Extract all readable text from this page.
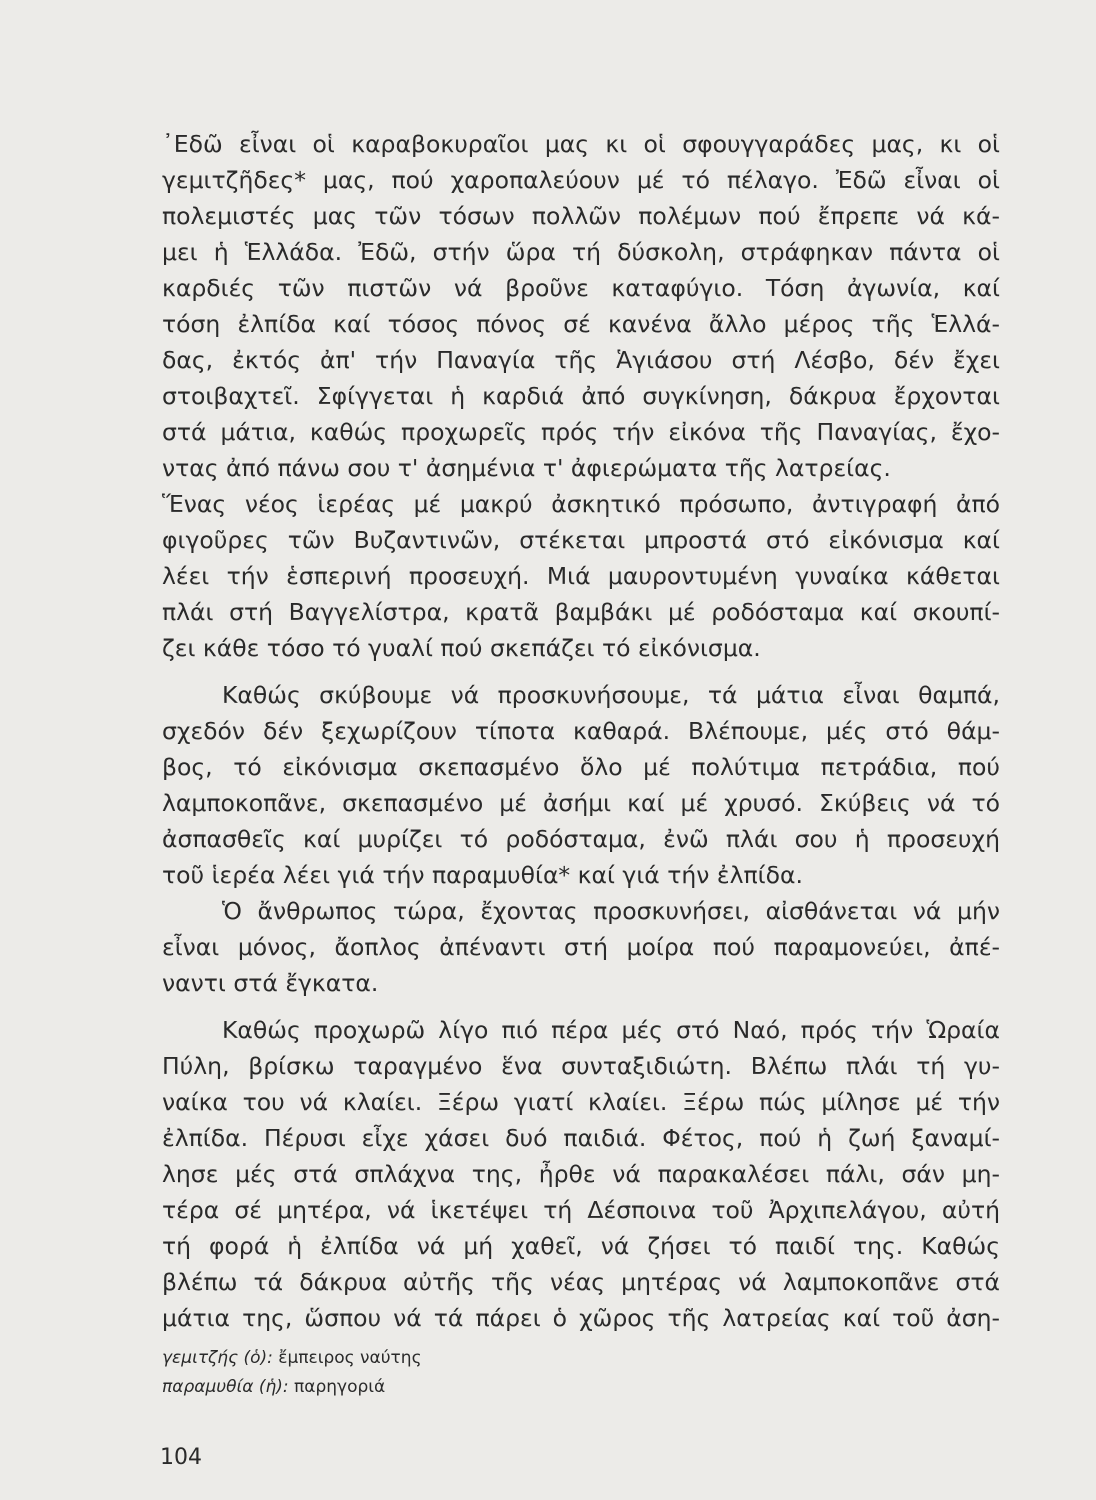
᾿Εδῶ εἶναι οἱ καραβοκυραῖοι μας κι οἱ σφουγγαράδες μας, κι οἱ
γεμιτζῆδες* μας, πού χαροπαλεύουν μέ τό πέλαγο. Ἐδῶ εἶναι οἱ
πολεμιστές μας τῶν τόσων πολλῶν πολέμων πού ἔπρεπε νά κά-
μει ἡ Ἑλλάδα. Ἐδῶ, στήν ὥρα τή δύσκολη, στράφηκαν πάντα οἱ
καρδιές τῶν πιστῶν νά βροῦνε καταφύγιο. Τόση ἀγωνία, καί
τόση ἐλπίδα καί τόσος πόνος σέ κανένα ἄλλο μέρος τῆς Ἑλλά-
δας, ἐκτός ἀπ' τήν Παναγία τῆς Ἁγιάσου στή Λέσβο, δέν ἔχει
στοιβαχτεῖ. Σφίγγεται ἡ καρδιά ἀπό συγκίνηση, δάκρυα ἔρχονται
στά μάτια, καθώς προχωρεῖς πρός τήν εἰκόνα τῆς Παναγίας, ἔχο-
ντας ἀπό πάνω σου τ' ἀσημένια τ' ἀφιερώματα τῆς λατρείας.
Ἕνας νέος ἱερέας μέ μακρύ ἀσκητικό πρόσωπο, ἀντιγραφή ἀπό
φιγοῦρες τῶν Βυζαντινῶν, στέκεται μπροστά στό εἰκόνισμα καί
λέει τήν ἑσπερινή προσευχή. Μιά μαυροντυμένη γυναίκα κάθεται
πλάι στή Βαγγελίστρα, κρατᾶ βαμβάκι μέ ροδόσταμα καί σκουπί-
ζει κάθε τόσο τό γυαλί πού σκεπάζει τό εἰκόνισμα.
Καθώς σκύβουμε νά προσκυνήσουμε, τά μάτια εἶναι θαμπά,
σχεδόν δέν ξεχωρίζουν τίποτα καθαρά. Βλέπουμε, μές στό θάμ-
βος, τό εἰκόνισμα σκεπασμένο ὅλο μέ πολύτιμα πετράδια, πού
λαμποκοπᾶνε, σκεπασμένο μέ ἀσήμι καί μέ χρυσό. Σκύβεις νά τό
ἀσπασθεῖς καί μυρίζει τό ροδόσταμα, ἐνῶ πλάι σου ἡ προσευχή
τοῦ ἱερέα λέει γιά τήν παραμυθία* καί γιά τήν ἐλπίδα.
Ὁ ἄνθρωπος τώρα, ἔχοντας προσκυνήσει, αἰσθάνεται νά μήν
εἶναι μόνος, ἄοπλος ἀπέναντι στή μοίρα πού παραμονεύει, ἀπέ-
ναντι στά ἔγκατα.
Καθώς προχωρῶ λίγο πιό πέρα μές στό Ναό, πρός τήν Ὡραία
Πύλη, βρίσκω ταραγμένο ἕνα συνταξιδιώτη. Βλέπω πλάι τή γυ-
ναίκα του νά κλαίει. Ξέρω γιατί κλαίει. Ξέρω πώς μίλησε μέ τήν
ἐλπίδα. Πέρυσι εἶχε χάσει δυό παιδιά. Φέτος, πού ἡ ζωή ξαναμί-
λησε μές στά σπλάχνα της, ἦρθε νά παρακαλέσει πάλι, σάν μη-
τέρα σέ μητέρα, νά ἱκετέψει τή Δέσποινα τοῦ Ἀρχιπελάγου, αὐτή
τή φορά ἡ ἐλπίδα νά μή χαθεῖ, νά ζήσει τό παιδί της. Καθώς
βλέπω τά δάκρυα αὐτῆς τῆς νέας μητέρας νά λαμποκοπᾶνε στά
μάτια της, ὥσπου νά τά πάρει ὁ χῶρος τῆς λατρείας καί τοῦ ἀση-
γεμιτζής (ὁ): ἔμπειρος ναύτης
παραμυθία (ἡ): παρηγοριά
104
